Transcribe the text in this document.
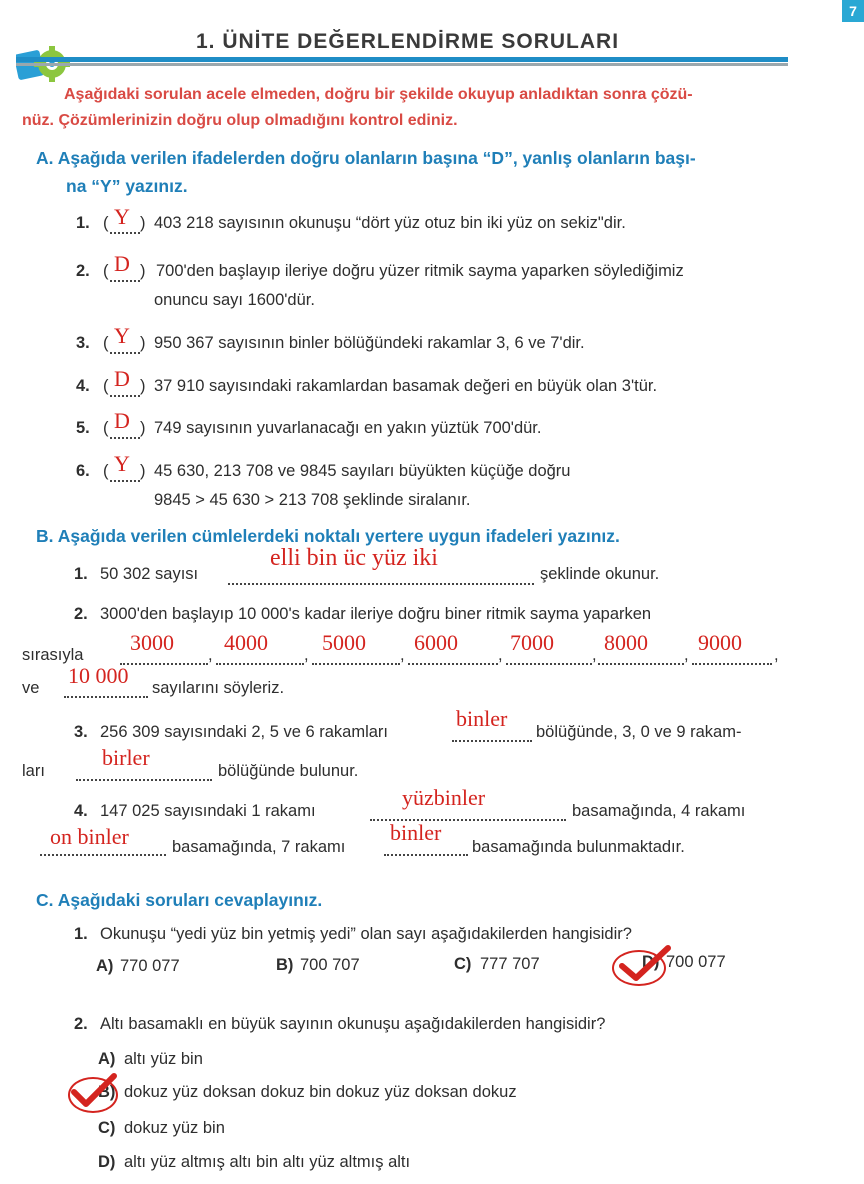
7
1. ÜNİTE DEĞERLENDİRME SORULARI
Aşağıdaki sorulan acele elmeden, doğru bir şekilde okuyup anladıktan sonra çözü-
nüz. Çözümlerinizin doğru olup olmadığını kontrol ediniz.
A. Aşağıda verilen ifadelerden doğru olanların başına “D”, yanlış olanların başı-
na “Y” yazınız.
1. ( Y ) 403 218 sayısının okunuşu “dört yüz otuz bin iki yüz on sekiz"dir.
2. ( D ) 700'den başlayıp ileriye doğru yüzer ritmik sayma yaparken söylediğimiz
onuncu sayı 1600'dür.
3. ( Y ) 950 367 sayısının binler bölüğündeki rakamlar 3, 6 ve 7'dir.
4. ( D ) 37 910 sayısındaki rakamlardan basamak değeri en büyük olan 3'tür.
5. ( D ) 749 sayısının yuvarlanacağı en yakın yüztük 700'dür.
6. ( Y ) 45 630, 213 708 ve 9845 sayıları büyükten küçüğe doğru
9845 > 45 630 > 213 708 şeklinde siralanır.
B. Aşağıda verilen cümlelerdeki noktalı yertere uygun ifadeleri yazınız.
1. 50 302 sayısı
elli bin üc yüz iki
şeklinde okunur.
2. 3000'den başlayıp 10 000's kadar ileriye doğru biner ritmik sayma yaparken
sırasıyla 3000 , 4000 , 5000 , 6000 , 7000 , 8000 , 9000 ,
ve 10 000 sayılarını söyleriz.
3. 256 309 sayısındaki 2, 5 ve 6 rakamları
binler
bölüğünde, 3, 0 ve 9 rakam-
ları
birler
bölüğünde bulunur.
4. 147 025 sayısındaki 1 rakamı
yüzbinler
basamağında, 4 rakamı
on binler	basamağında, 7 rakamı
binler
basamağında bulunmaktadır.
C. Aşağıdaki soruları cevaplayınız.
1. Okunuşu “yedi yüz bin yetmiş yedi” olan sayı aşağıdakilerden hangisidir?
A) 770 077	B) 700 707	C) 777 707	D) 700 077
2. Altı basamaklı en büyük sayının okunuşu aşağıdakilerden hangisidir?
A) altı yüz bin
B) dokuz yüz doksan dokuz bin dokuz yüz doksan dokuz
C) dokuz yüz bin
D) altı yüz altmış altı bin altı yüz altmış altı
